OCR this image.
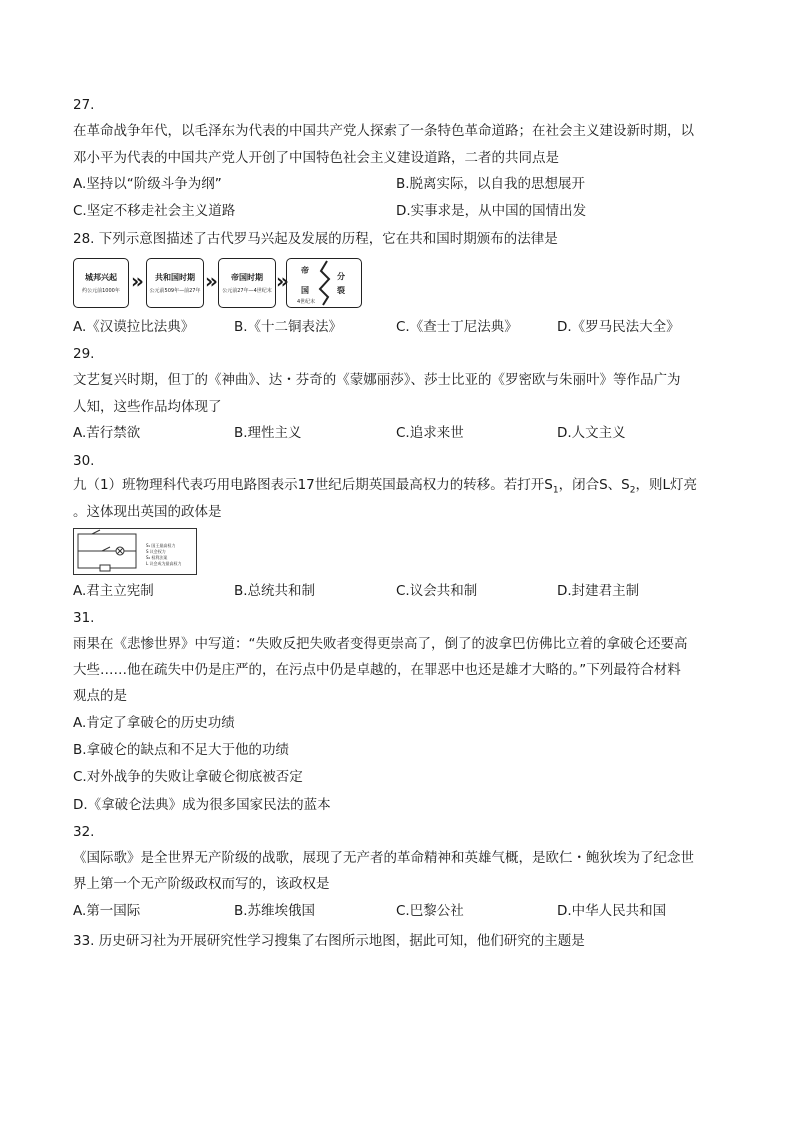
27.
在革命战争年代，以毛泽东为代表的中国共产党人探索了一条特色革命道路；在社会主义建设新时期，以
邓小平为代表的中国共产党人开创了中国特色社会主义建设道路，二者的共同点是
A.坚持以“阶级斗争为纲”	B.脱离实际，以自我的思想展开
C.坚定不移走社会主义道路	D.实事求是，从中国的国情出发
28. 下列示意图描述了古代罗马兴起及发展的历程，它在共和国时期颁布的法律是
城邦兴起
约公元前1000年 »	共和国时期
公元前509年—前27年 »	帝国时期
公元前27年—4世纪末 » 帝
国
分
裂
4世纪末
A.《汉谟拉比法典》	B.《十二铜表法》	C.《查士丁尼法典》	D.《罗马民法大全》
29.
文艺复兴时期，但丁的《神曲》、达・芬奇的《蒙娜丽莎》、莎士比亚的《罗密欧与朱丽叶》等作品广为
人知，这些作品均体现了
A.苦行禁欲	B.理性主义	C.追求来世	D.人文主义
30.
九（1）班物理科代表巧用电路图表示17世纪后期英国最高权力的转移。若打开$S_1$，闭合S、$S_2$，则L灯亮
。这体现出英国的政体是
S₁ 国王最高权力
S 议会权力
S₂ 权利法案
L 议会成为最高权力
A.君主立宪制	B.总统共和制	C.议会共和制	D.封建君主制
31.
雨果在《悲惨世界》中写道：“失败反把失败者变得更崇高了，倒了的波拿巴仿佛比立着的拿破仑还要高
大些……他在疏失中仍是庄严的，在污点中仍是卓越的，在罪恶中也还是雄才大略的。”下列最符合材料
观点的是
A.肯定了拿破仑的历史功绩
B.拿破仑的缺点和不足大于他的功绩
C.对外战争的失败让拿破仑彻底被否定
D.《拿破仑法典》成为很多国家民法的蓝本
32.
《国际歌》是全世界无产阶级的战歌，展现了无产者的革命精神和英雄气概，是欧仁・鲍狄埃为了纪念世
界上第一个无产阶级政权而写的，该政权是
A.第一国际	B.苏维埃俄国	C.巴黎公社	D.中华人民共和国
33. 历史研习社为开展研究性学习搜集了右图所示地图，据此可知，他们研究的主题是
